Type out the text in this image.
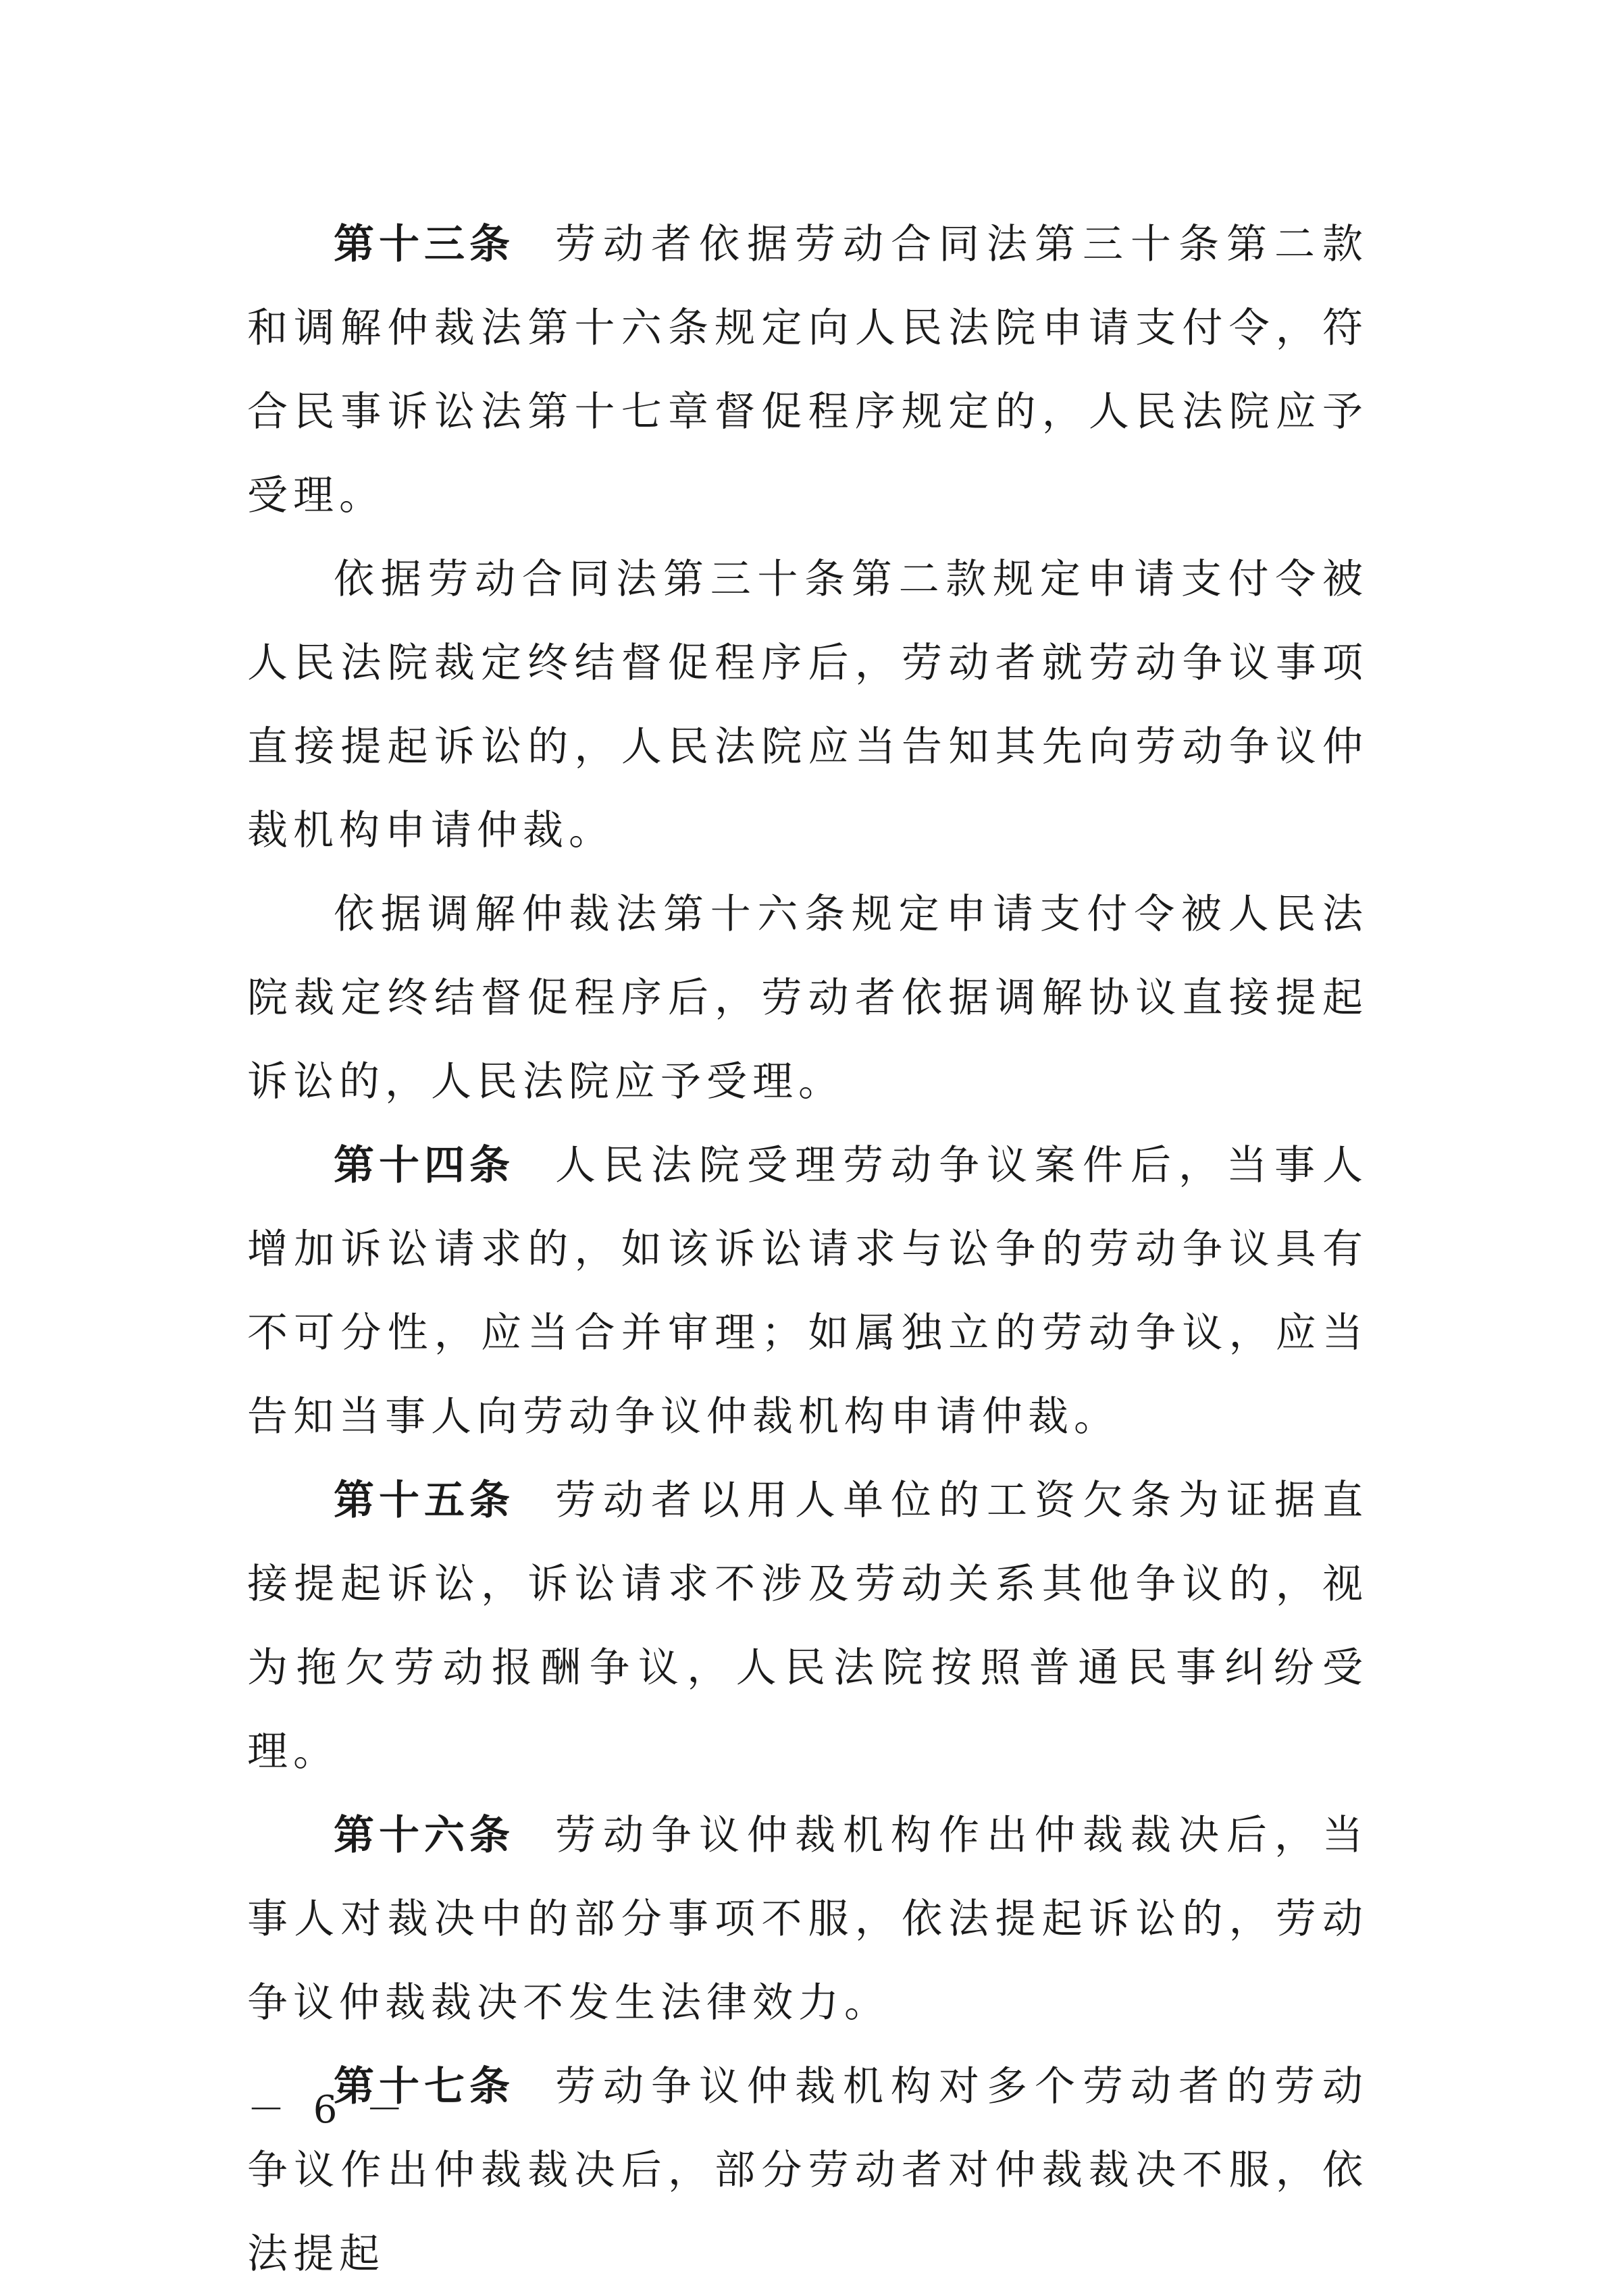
第十三条 劳动者依据劳动合同法第三十条第二款和调解仲裁法第十六条规定向人民法院申请支付令，符合民事诉讼法第十七章督促程序规定的，人民法院应予受理。

依据劳动合同法第三十条第二款规定申请支付令被人民法院裁定终结督促程序后，劳动者就劳动争议事项直接提起诉讼的，人民法院应当告知其先向劳动争议仲裁机构申请仲裁。

依据调解仲裁法第十六条规定申请支付令被人民法院裁定终结督促程序后，劳动者依据调解协议直接提起诉讼的，人民法院应予受理。

第十四条 人民法院受理劳动争议案件后，当事人增加诉讼请求的，如该诉讼请求与讼争的劳动争议具有不可分性，应当合并审理；如属独立的劳动争议，应当告知当事人向劳动争议仲裁机构申请仲裁。

第十五条 劳动者以用人单位的工资欠条为证据直接提起诉讼，诉讼请求不涉及劳动关系其他争议的，视为拖欠劳动报酬争议，人民法院按照普通民事纠纷受理。

第十六条 劳动争议仲裁机构作出仲裁裁决后，当事人对裁决中的部分事项不服，依法提起诉讼的，劳动争议仲裁裁决不发生法律效力。

第十七条 劳动争议仲裁机构对多个劳动者的劳动争议作出仲裁裁决后，部分劳动者对仲裁裁决不服，依法提起

－ 6 －
